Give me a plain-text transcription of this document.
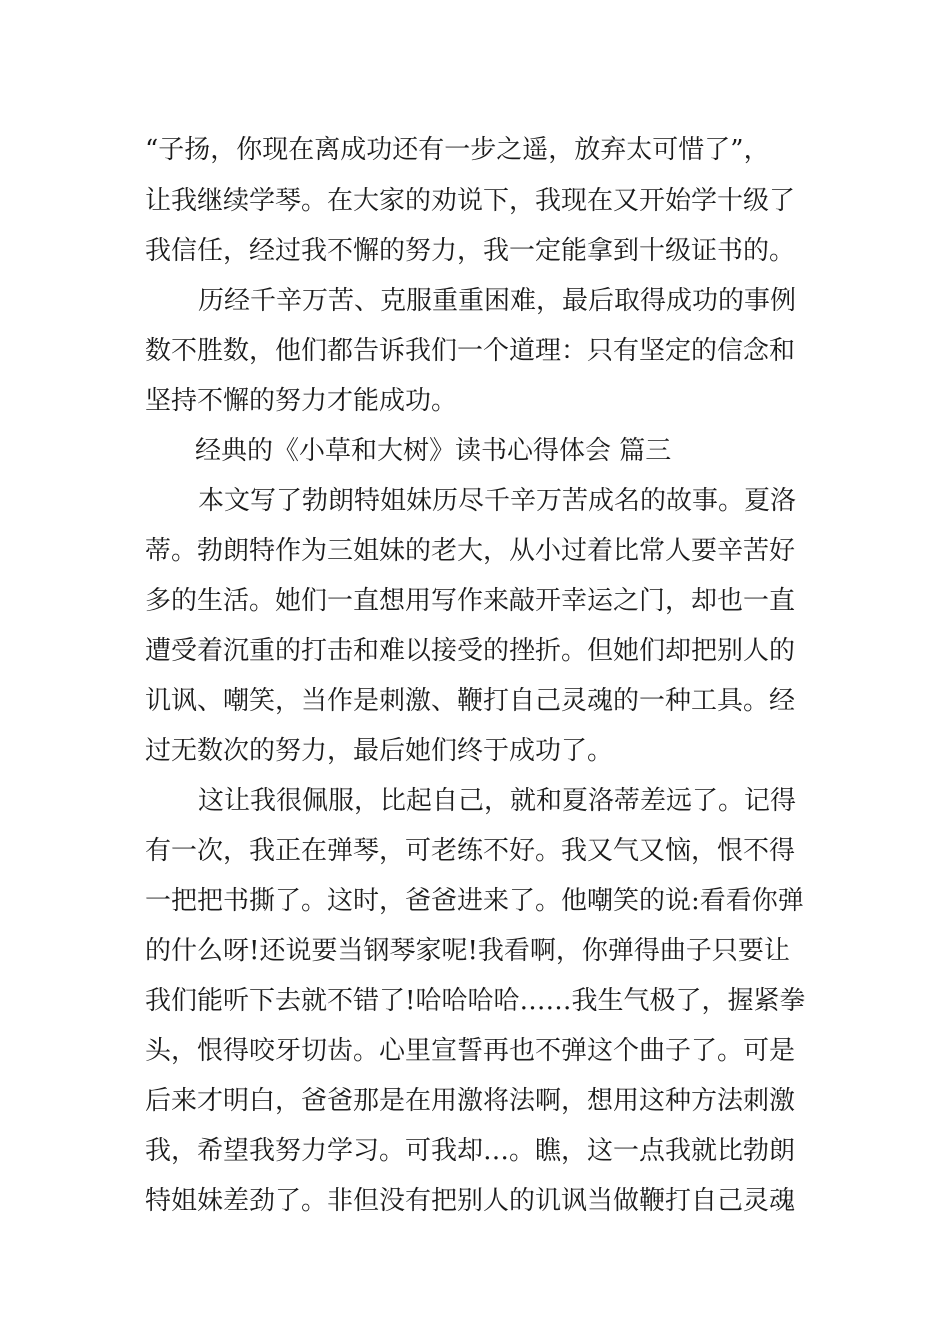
“子扬，你现在离成功还有一步之遥，放弃太可惜了”，
让我继续学琴。在大家的劝说下，我现在又开始学十级了
我信任，经过我不懈的努力，我一定能拿到十级证书的。
历经千辛万苦、克服重重困难，最后取得成功的事例
数不胜数，他们都告诉我们一个道理：只有坚定的信念和
坚持不懈的努力才能成功。
经典的《小草和大树》读书心得体会 篇三
本文写了勃朗特姐妹历尽千辛万苦成名的故事。夏洛
蒂。勃朗特作为三姐妹的老大，从小过着比常人要辛苦好
多的生活。她们一直想用写作来敲开幸运之门，却也一直
遭受着沉重的打击和难以接受的挫折。但她们却把别人的
讥讽、嘲笑，当作是刺激、鞭打自己灵魂的一种工具。经
过无数次的努力，最后她们终于成功了。
这让我很佩服，比起自己，就和夏洛蒂差远了。记得
有一次，我正在弹琴，可老练不好。我又气又恼，恨不得
一把把书撕了。这时，爸爸进来了。他嘲笑的说:看看你弹
的什么呀!还说要当钢琴家呢!我看啊，你弹得曲子只要让
我们能听下去就不错了!哈哈哈哈……我生气极了，握紧拳
头，恨得咬牙切齿。心里宣誓再也不弹这个曲子了。可是
后来才明白，爸爸那是在用激将法啊，想用这种方法刺激
我，希望我努力学习。可我却…。瞧，这一点我就比勃朗
特姐妹差劲了。非但没有把别人的讥讽当做鞭打自己灵魂
